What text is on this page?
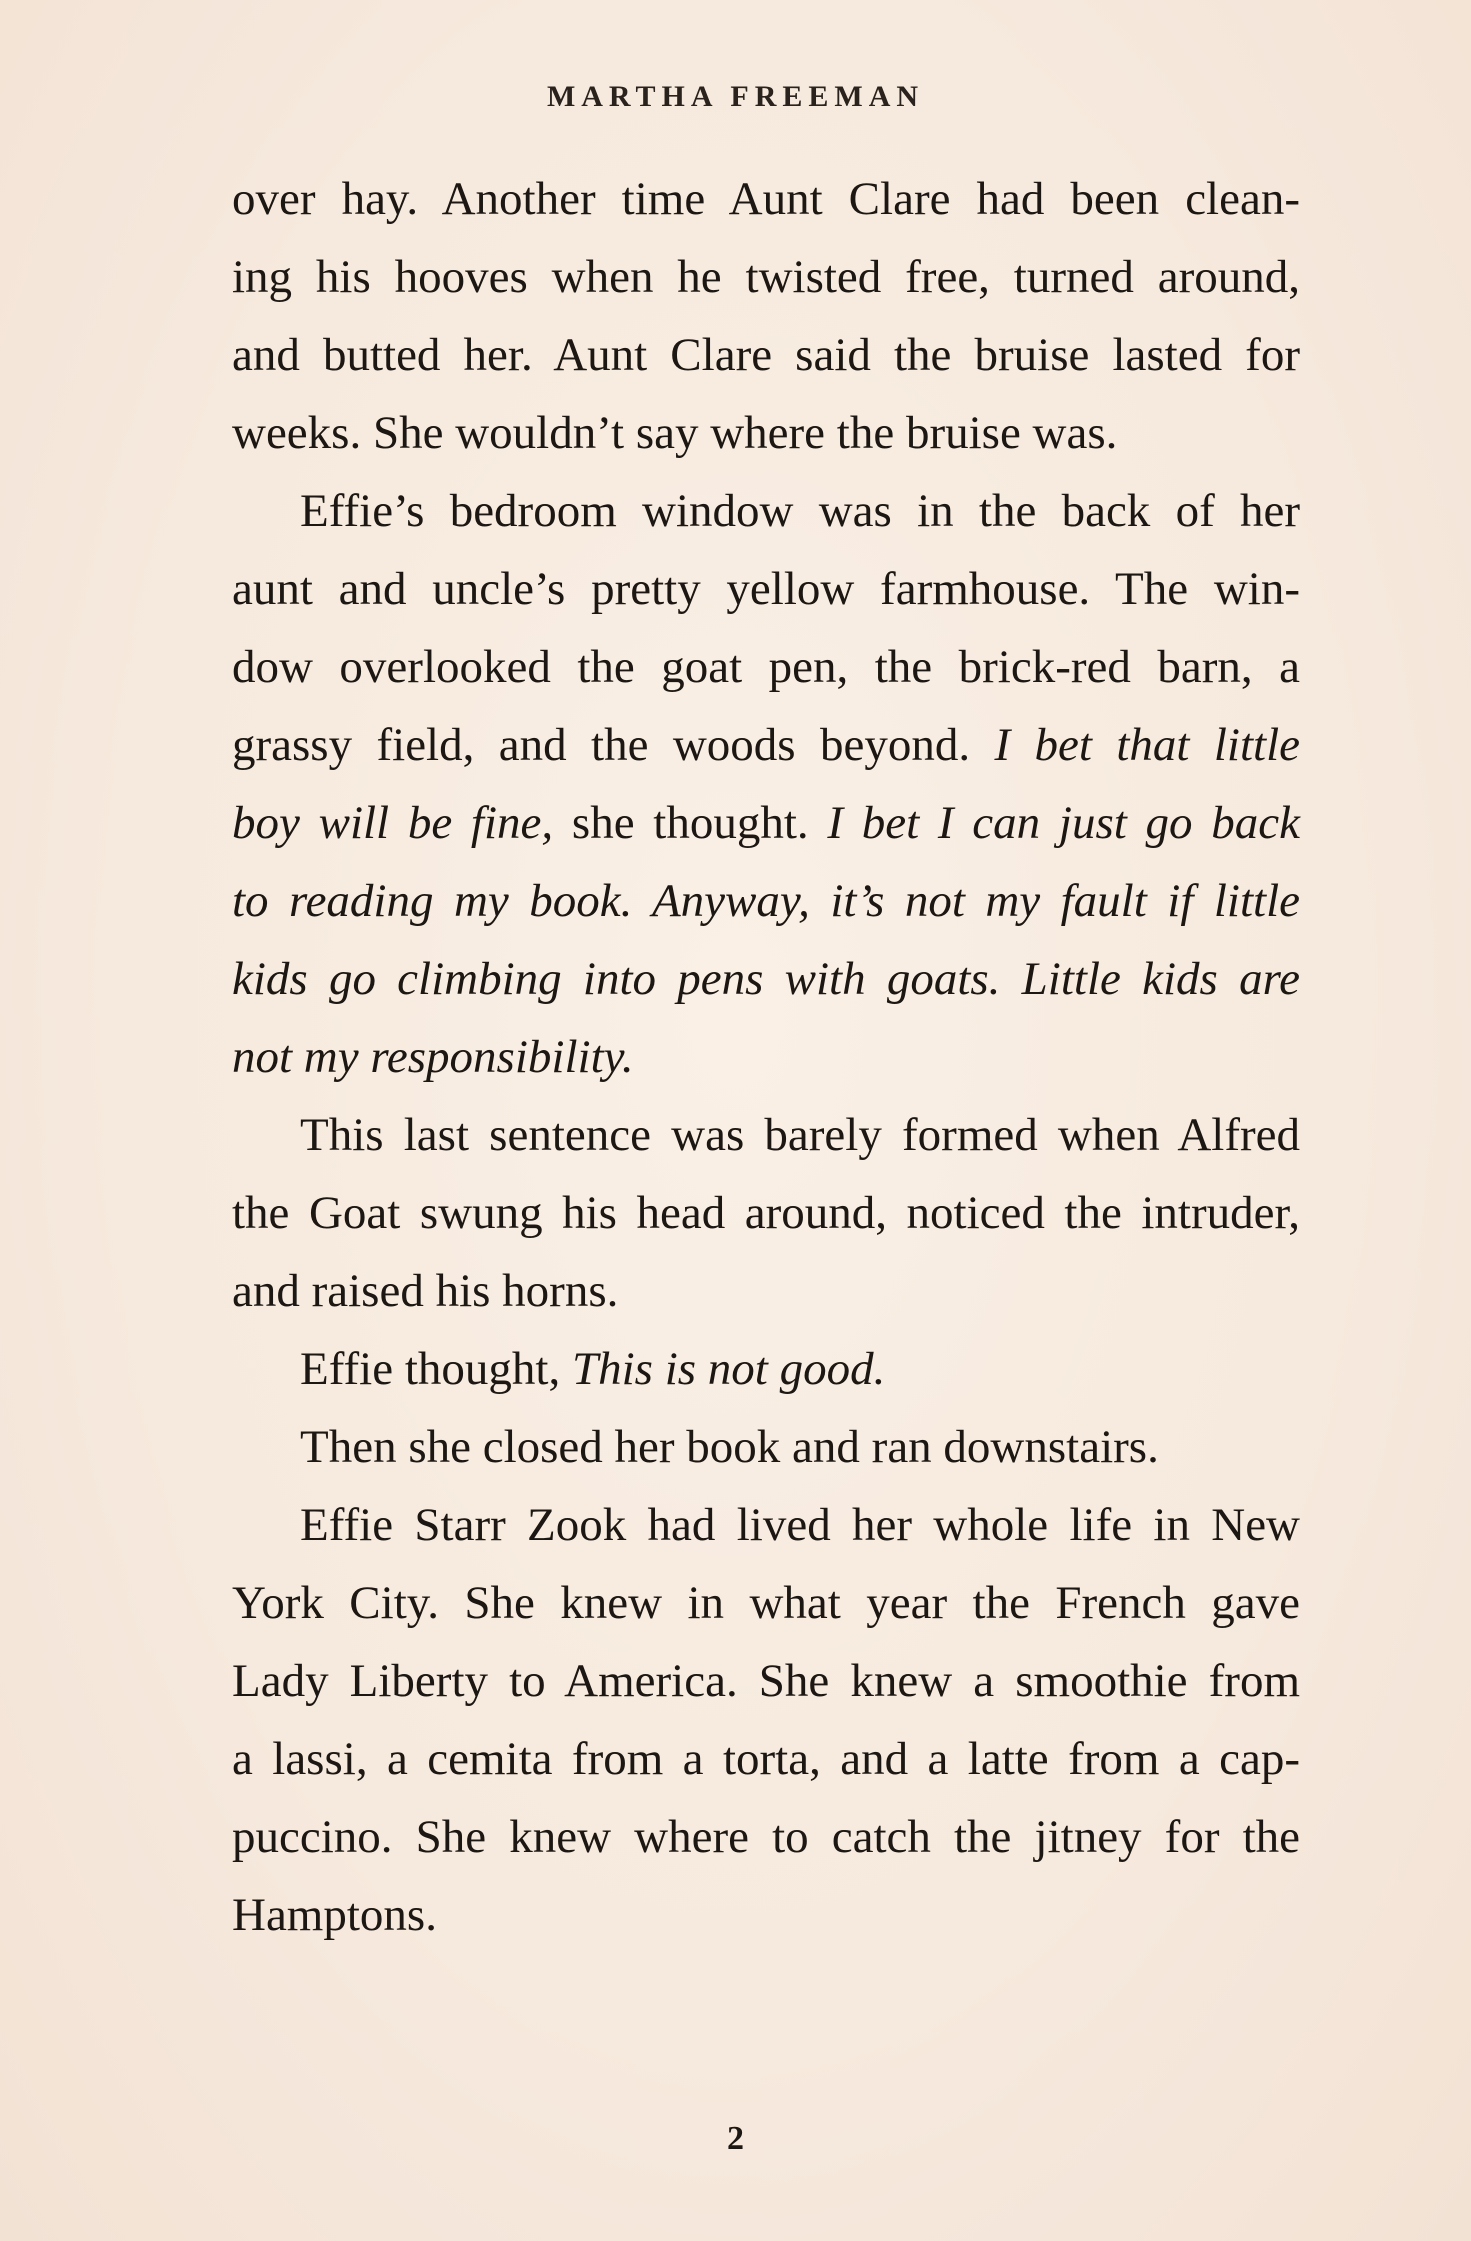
MARTHA FREEMAN
over hay. Another time Aunt Clare had been clean-
ing his hooves when he twisted free, turned around,
and butted her. Aunt Clare said the bruise lasted for
weeks. She wouldn’t say where the bruise was.
Effie’s bedroom window was in the back of her
aunt and uncle’s pretty yellow farmhouse. The win-
dow overlooked the goat pen, the brick-red barn, a
grassy field, and the woods beyond. I bet that little
boy will be fine, she thought. I bet I can just go back
to reading my book. Anyway, it’s not my fault if little
kids go climbing into pens with goats. Little kids are
not my responsibility.
This last sentence was barely formed when Alfred
the Goat swung his head around, noticed the intruder,
and raised his horns.
Effie thought, This is not good.
Then she closed her book and ran downstairs.
Effie Starr Zook had lived her whole life in New
York City. She knew in what year the French gave
Lady Liberty to America. She knew a smoothie from
a lassi, a cemita from a torta, and a latte from a cap-
puccino. She knew where to catch the jitney for the
Hamptons.
2
